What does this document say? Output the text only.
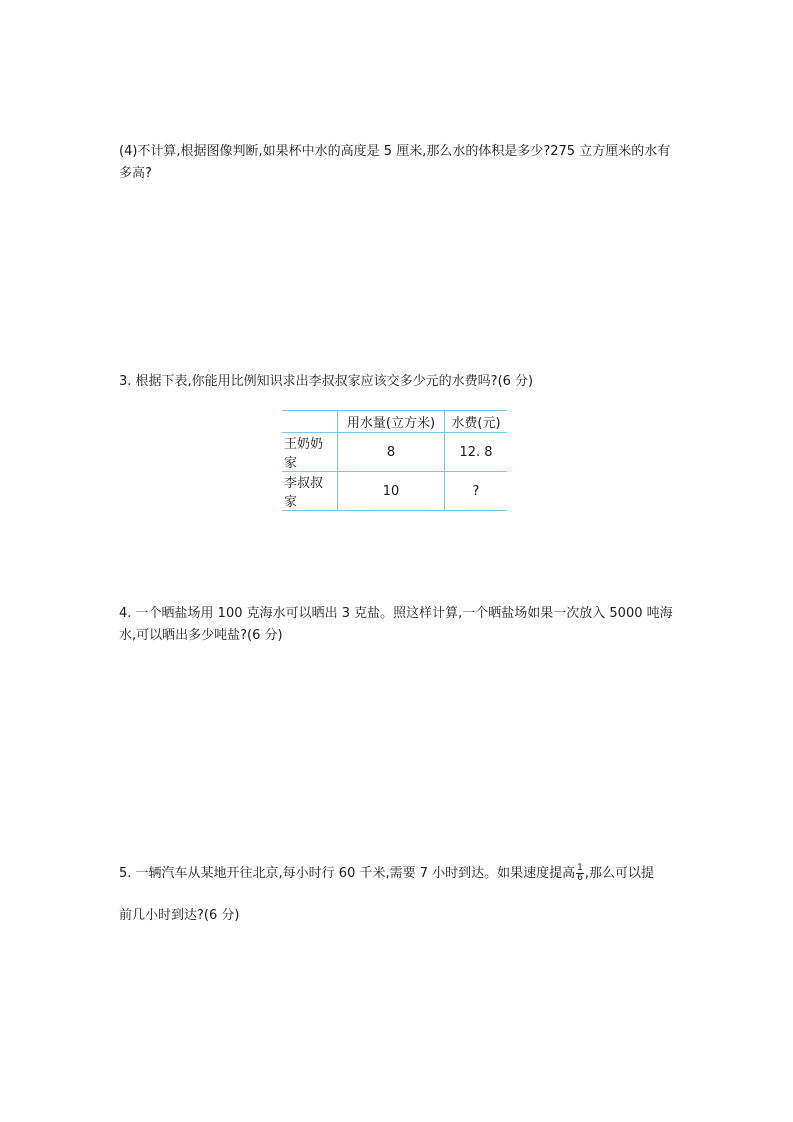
(4)不计算,根据图像判断,如果杯中水的高度是 5 厘米,那么水的体积是多少?275 立方厘米的水有多高?
3. 根据下表,你能用比例知识求出李叔叔家应该交多少元的水费吗?(6 分)
	用水量(立方米)	水费(元)
王奶奶家	8	12. 8
李叔叔家	10	?
4. 一个晒盐场用 100 克海水可以晒出 3 克盐。照这样计算,一个晒盐场如果一次放入 5000 吨海水,可以晒出多少吨盐?(6 分)
5. 一辆汽车从某地开往北京,每小时行 60 千米,需要 7 小时到达。如果速度提高 $\frac{1}{6}$ ,那么可以提
前几小时到达?(6 分)
